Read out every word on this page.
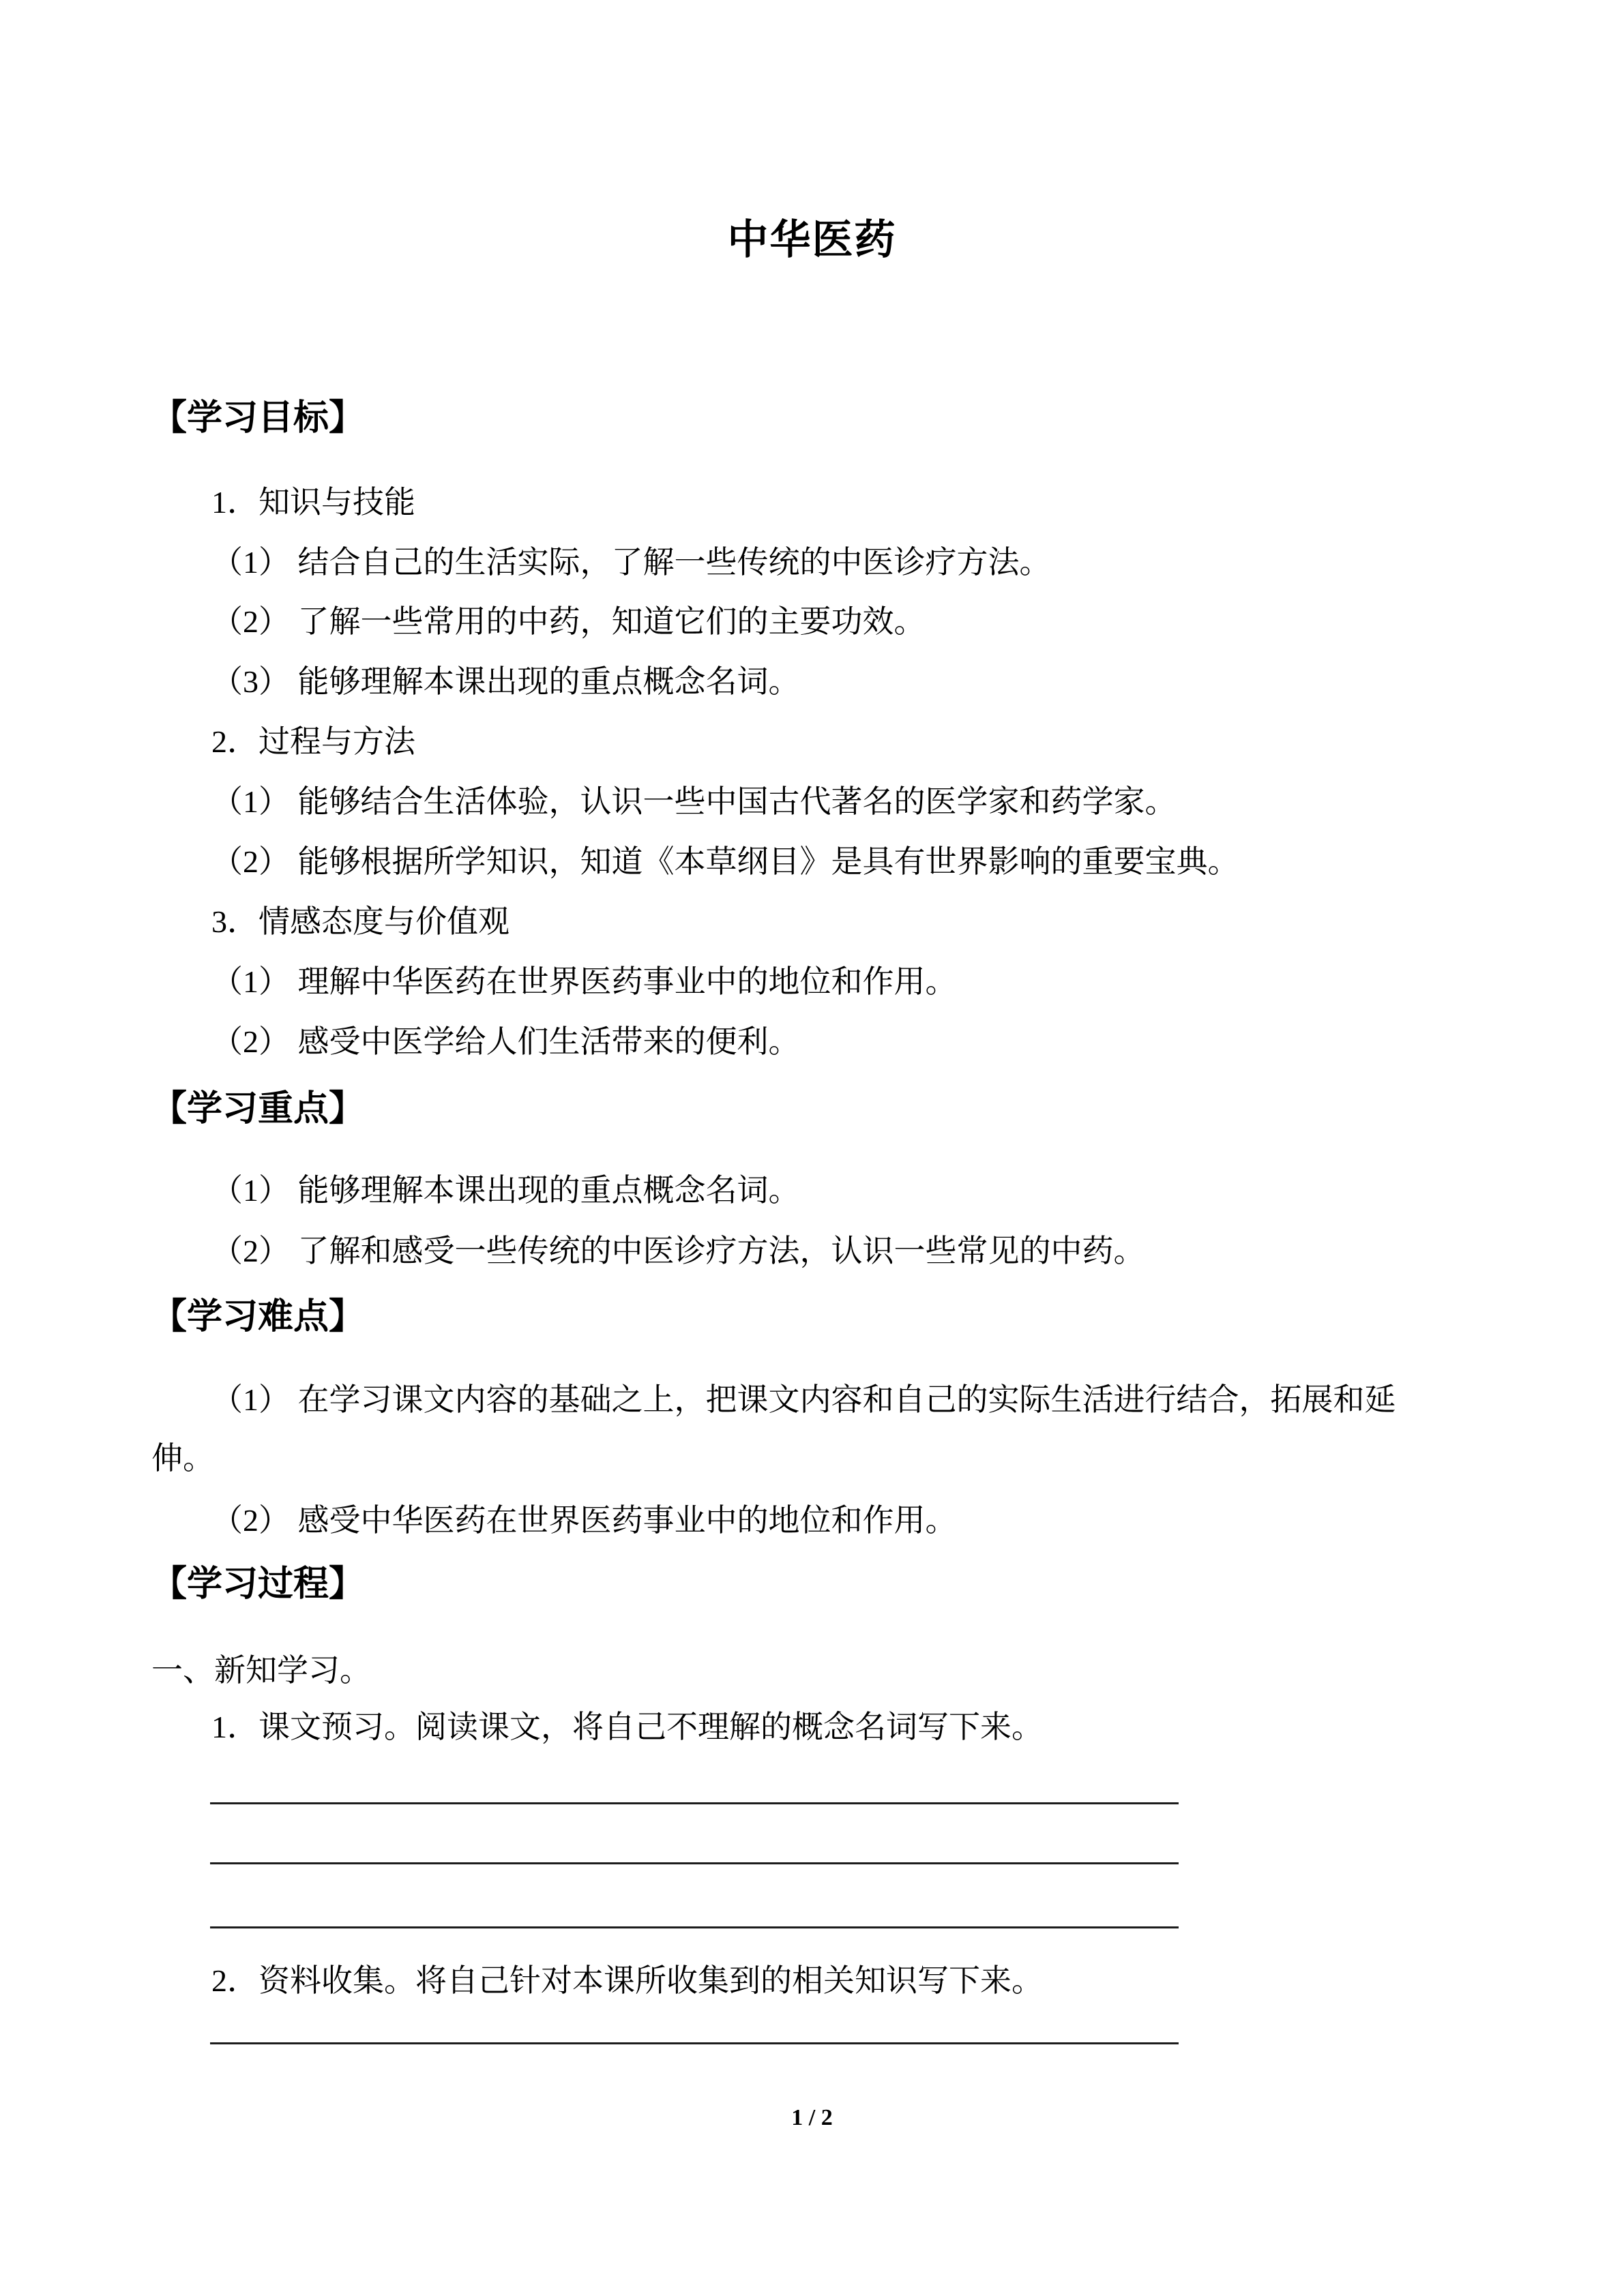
中华医药
【学习目标】
1．知识与技能
（1） 结合自己的生活实际，了解一些传统的中医诊疗方法。
（2） 了解一些常用的中药，知道它们的主要功效。
（3） 能够理解本课出现的重点概念名词。
2．过程与方法
（1） 能够结合生活体验，认识一些中国古代著名的医学家和药学家。
（2） 能够根据所学知识，知道《本草纲目》是具有世界影响的重要宝典。
3．情感态度与价值观
（1） 理解中华医药在世界医药事业中的地位和作用。
（2） 感受中医学给人们生活带来的便利。
【学习重点】
（1） 能够理解本课出现的重点概念名词。
（2） 了解和感受一些传统的中医诊疗方法，认识一些常见的中药。
【学习难点】
（1） 在学习课文内容的基础之上，把课文内容和自己的实际生活进行结合，拓展和延
伸。
（2） 感受中华医药在世界医药事业中的地位和作用。
【学习过程】
一、新知学习。
1．课文预习。阅读课文，将自己不理解的概念名词写下来。
2．资料收集。将自己针对本课所收集到的相关知识写下来。
1 / 2
